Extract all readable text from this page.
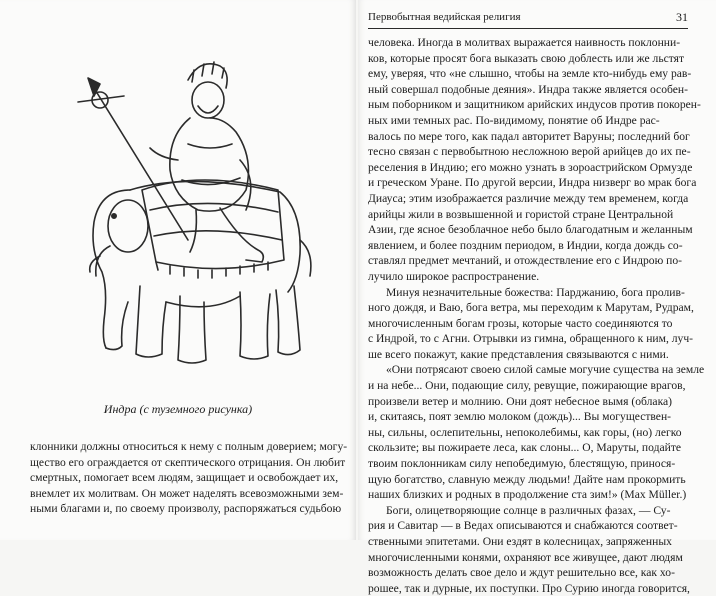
Индра (с туземного рисунка)
клонники должны относиться к нему с полным доверием; могу-
щество его ограждается от скептического отрицания. Он любит
смертных, помогает всем людям, защищает и освобождает их,
внемлет их молитвам. Он может наделять всевозможными зем-
ными благами и, по своему произволу, распоряжаться судьбою
Первобытная ведийская религия	31
человека. Иногда в молитвах выражается наивность поклонни-
ков, которые просят бога выказать свою доблесть или же льстят
ему, уверяя, что «не слышно, чтобы на земле кто-нибудь ему рав-
ный совершал подобные деяния». Индра также является особен-
ным поборником и защитником арийских индусов против покорен-
ных ими темных рас. По-видимому, понятие об Индре рас-
валось по мере того, как падал авторитет Варуны; последний бог
тесно связан с первобытною несложною верой арийцев до их пе-
реселения в Индию; его можно узнать в зороастрийском Ормузде
и греческом Уране. По другой версии, Индра низверг во мрак бога
Диауса; этим изображается различие между тем временем, когда
арийцы жили в возвышенной и гористой стране Центральной
Азии, где ясное безоблачное небо было благодатным и желанным
явлением, и более поздним периодом, в Индии, когда дождь со-
ставлял предмет мечтаний, и отождествление его с Индрою по-
лучило широкое распространение.
Минуя незначительные божества: Парджанию, бога пролив-
ного дождя, и Ваю, бога ветра, мы переходим к Марутам, Рудрам,
многочисленным богам грозы, которые часто соединяются то
с Индрой, то с Агни. Отрывки из гимна, обращенного к ним, луч-
ше всего покажут, какие представления связываются с ними.
«Они потрясают своею силой самые могучие существа на земле
и на небе... Они, подающие силу, ревущие, пожирающие врагов,
произвели ветер и молнию. Они доят небесное вымя (облака)
и, скитаясь, поят землю молоком (дождь)... Вы могуществен-
ны, сильны, ослепительны, непоколебимы, как горы, (но) легко
скользите; вы пожираете леса, как слоны... О, Маруты, подайте
твоим поклонникам силу непобедимую, блестящую, принося-
щую богатство, славную между людьми! Дайте нам прокормить
наших близких и родных в продолжение ста зим!» (Max Müller.)
Боги, олицетворяющие солнце в различных фазах, — Су-
рия и Савитар — в Ведах описываются и снабжаются соответ-
ственными эпитетами. Они ездят в колесницах, запряженных
многочисленными конями, охраняют все живущее, дают людям
возможность делать свое дело и ждут решительно все, как хо-
рошее, так и дурные, их поступки. Про Сурию иногда говорится,
